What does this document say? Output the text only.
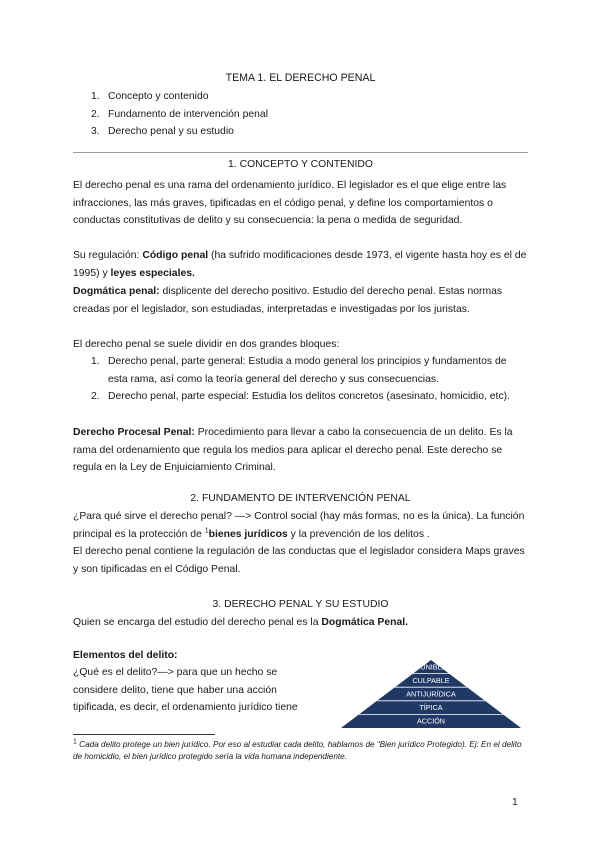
TEMA 1. EL DERECHO PENAL
1. Concepto y contenido
2. Fundamento de intervención penal
3. Derecho penal y su estudio
1. CONCEPTO Y CONTENIDO
El derecho penal es una rama del ordenamiento jurídico. El legislador es el que elige entre las infracciones, las más graves, tipificadas en el código penal, y define los comportamientos o conductas constitutivas de delito y su consecuencia: la pena o medida de seguridad.
Su regulación: Código penal (ha sufrido modificaciones desde 1973, el vigente hasta hoy es el de 1995) y leyes especiales.
Dogmática penal: displicente del derecho positivo. Estudio del derecho penal. Estas normas creadas por el legislador, son estudiadas, interpretadas e investigadas por los juristas.
El derecho penal se suele dividir en dos grandes bloques:
1. Derecho penal, parte general: Estudia a modo general los principios y fundamentos de esta rama, así como la teoría general del derecho y sus consecuencias.
2. Derecho penal, parte especial: Estudia los delitos concretos (asesinato, homicidio, etc).
Derecho Procesal Penal: Procedimiento para llevar a cabo la consecuencia de un delito. Es la rama del ordenamiento que regula los medios para aplicar el derecho penal. Este derecho se regula en la Ley de Enjuiciamiento Criminal.
2. FUNDAMENTO DE INTERVENCIÓN PENAL
¿Para qué sirve el derecho penal? —> Control social (hay más formas, no es la única). La función principal es la protección de $^1$bienes jurídicos y la prevención de los delitos .
El derecho penal contiene la regulación de las conductas que el legislador considera Maps graves y son tipificadas en el Código Penal.
3. DERECHO PENAL Y SU ESTUDIO
Quien se encarga del estudio del derecho penal es la Dogmática Penal.
Elementos del delito:
¿Qué es el delito?—> para que un hecho se considere delito, tiene que haber una acción tipificada, es decir, el ordenamiento jurídico tiene
PUNIBLE
CULPABLE
ANTIJURÍDICA
TÍPICA
ACCIÓN
1 Cada delito protege un bien jurídico. Por eso al estudiar cada delito, hablamos de “Bien jurídico Protegido). Ej: En el delito de homicidio, el bien jurídico protegido sería la vida humana independiente.
1
